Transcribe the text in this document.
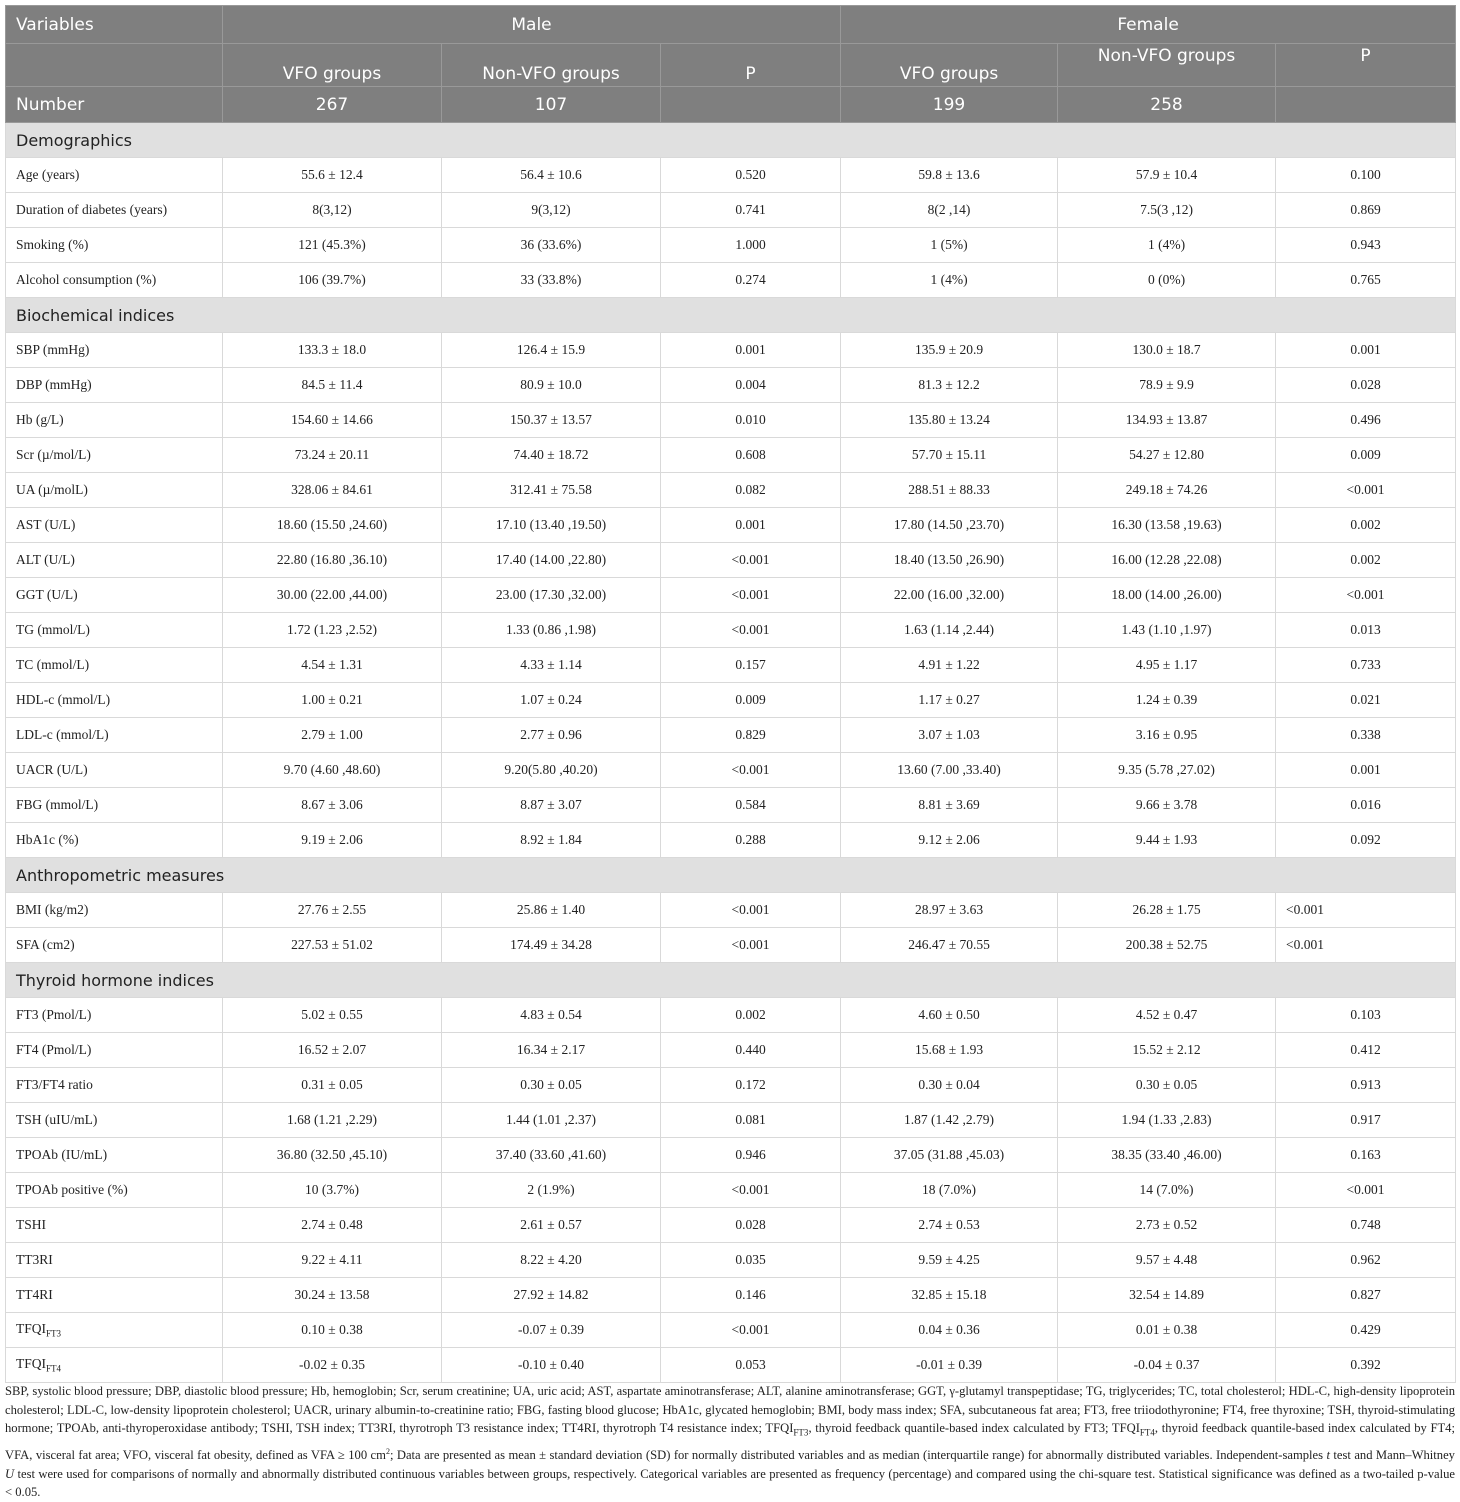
Variables	Male			Female		
	VFO groups	Non-VFO groups	P	VFO groups	Non-VFO groups	P
Number	267	107		199	258	
Demographics						
Age (years)	55.6 ± 12.4	56.4 ± 10.6	0.520	59.8 ± 13.6	57.9 ± 10.4	0.100
Duration of diabetes (years)	8(3,12)	9(3,12)	0.741	8(2 ,14)	7.5(3 ,12)	0.869
Smoking (%)	121 (45.3%)	36 (33.6%)	1.000	1 (5%)	1 (4%)	0.943
Alcohol consumption (%)	106 (39.7%)	33 (33.8%)	0.274	1 (4%)	0 (0%)	0.765
Biochemical indices						
SBP (mmHg)	133.3 ± 18.0	126.4 ± 15.9	0.001	135.9 ± 20.9	130.0 ± 18.7	0.001
DBP (mmHg)	84.5 ± 11.4	80.9 ± 10.0	0.004	81.3 ± 12.2	78.9 ± 9.9	0.028
Hb (g/L)	154.60 ± 14.66	150.37 ± 13.57	0.010	135.80 ± 13.24	134.93 ± 13.87	0.496
Scr (µ/mol/L)	73.24 ± 20.11	74.40 ± 18.72	0.608	57.70 ± 15.11	54.27 ± 12.80	0.009
UA (µ/molL)	328.06 ± 84.61	312.41 ± 75.58	0.082	288.51 ± 88.33	249.18 ± 74.26	<0.001
AST (U/L)	18.60 (15.50 ,24.60)	17.10 (13.40 ,19.50)	0.001	17.80 (14.50 ,23.70)	16.30 (13.58 ,19.63)	0.002
ALT (U/L)	22.80 (16.80 ,36.10)	17.40 (14.00 ,22.80)	<0.001	18.40 (13.50 ,26.90)	16.00 (12.28 ,22.08)	0.002
GGT (U/L)	30.00 (22.00 ,44.00)	23.00 (17.30 ,32.00)	<0.001	22.00 (16.00 ,32.00)	18.00 (14.00 ,26.00)	<0.001
TG (mmol/L)	1.72 (1.23 ,2.52)	1.33 (0.86 ,1.98)	<0.001	1.63 (1.14 ,2.44)	1.43 (1.10 ,1.97)	0.013
TC (mmol/L)	4.54 ± 1.31	4.33 ± 1.14	0.157	4.91 ± 1.22	4.95 ± 1.17	0.733
HDL-c (mmol/L)	1.00 ± 0.21	1.07 ± 0.24	0.009	1.17 ± 0.27	1.24 ± 0.39	0.021
LDL-c (mmol/L)	2.79 ± 1.00	2.77 ± 0.96	0.829	3.07 ± 1.03	3.16 ± 0.95	0.338
UACR (U/L)	9.70 (4.60 ,48.60)	9.20(5.80 ,40.20)	<0.001	13.60 (7.00 ,33.40)	9.35 (5.78 ,27.02)	0.001
FBG (mmol/L)	8.67 ± 3.06	8.87 ± 3.07	0.584	8.81 ± 3.69	9.66 ± 3.78	0.016
HbA1c (%)	9.19 ± 2.06	8.92 ± 1.84	0.288	9.12 ± 2.06	9.44 ± 1.93	0.092
Anthropometric measures						
BMI (kg/m2)	27.76 ± 2.55	25.86 ± 1.40	<0.001	28.97 ± 3.63	26.28 ± 1.75	<0.001
SFA (cm2)	227.53 ± 51.02	174.49 ± 34.28	<0.001	246.47 ± 70.55	200.38 ± 52.75	<0.001
Thyroid hormone indices						
FT3 (Pmol/L)	5.02 ± 0.55	4.83 ± 0.54	0.002	4.60 ± 0.50	4.52 ± 0.47	0.103
FT4 (Pmol/L)	16.52 ± 2.07	16.34 ± 2.17	0.440	15.68 ± 1.93	15.52 ± 2.12	0.412
FT3/FT4 ratio	0.31 ± 0.05	0.30 ± 0.05	0.172	0.30 ± 0.04	0.30 ± 0.05	0.913
TSH (uIU/mL)	1.68 (1.21 ,2.29)	1.44 (1.01 ,2.37)	0.081	1.87 (1.42 ,2.79)	1.94 (1.33 ,2.83)	0.917
TPOAb (IU/mL)	36.80 (32.50 ,45.10)	37.40 (33.60 ,41.60)	0.946	37.05 (31.88 ,45.03)	38.35 (33.40 ,46.00)	0.163
TPOAb positive (%)	10 (3.7%)	2 (1.9%)	<0.001	18 (7.0%)	14 (7.0%)	<0.001
TSHI	2.74 ± 0.48	2.61 ± 0.57	0.028	2.74 ± 0.53	2.73 ± 0.52	0.748
TT3RI	9.22 ± 4.11	8.22 ± 4.20	0.035	9.59 ± 4.25	9.57 ± 4.48	0.962
TT4RI	30.24 ± 13.58	27.92 ± 14.82	0.146	32.85 ± 15.18	32.54 ± 14.89	0.827
$TFQI_{FT3}$	0.10 ± 0.38	-0.07 ± 0.39	<0.001	0.04 ± 0.36	0.01 ± 0.38	0.429
$TFQI_{FT4}$	-0.02 ± 0.35	-0.10 ± 0.40	0.053	-0.01 ± 0.39	-0.04 ± 0.37	0.392
SBP, systolic blood pressure; DBP, diastolic blood pressure; Hb, hemoglobin; Scr, serum creatinine; UA, uric acid; AST, aspartate aminotransferase; ALT, alanine aminotransferase; GGT, γ-glutamyl transpeptidase; TG, triglycerides; TC, total cholesterol; HDL-C, high-density lipoprotein cholesterol; LDL-C, low-density lipoprotein cholesterol; UACR, urinary albumin-to-creatinine ratio; FBG, fasting blood glucose; HbA1c, glycated hemoglobin; BMI, body mass index; SFA, subcutaneous fat area; FT3, free triiodothyronine; FT4, free thyroxine; TSH, thyroid-stimulating hormone; TPOAb, anti-thyroperoxidase antibody; TSHI, TSH index; TT3RI, thyrotroph T3 resistance index; TT4RI, thyrotroph T4 resistance index; $TFQI_{FT3}$, thyroid feedback quantile-based index calculated by FT3; $TFQI_{FT4}$, thyroid feedback quantile-based index calculated by FT4; VFA, visceral fat area; VFO, visceral fat obesity, defined as VFA ≥ 100 $cm^2$; Data are presented as mean ± standard deviation (SD) for normally distributed variables and as median (interquartile range) for abnormally distributed variables. Independent-samples t test and Mann–Whitney U test were used for comparisons of normally and abnormally distributed continuous variables between groups, respectively. Categorical variables are presented as frequency (percentage) and compared using the chi-square test. Statistical significance was defined as a two-tailed p-value < 0.05.
